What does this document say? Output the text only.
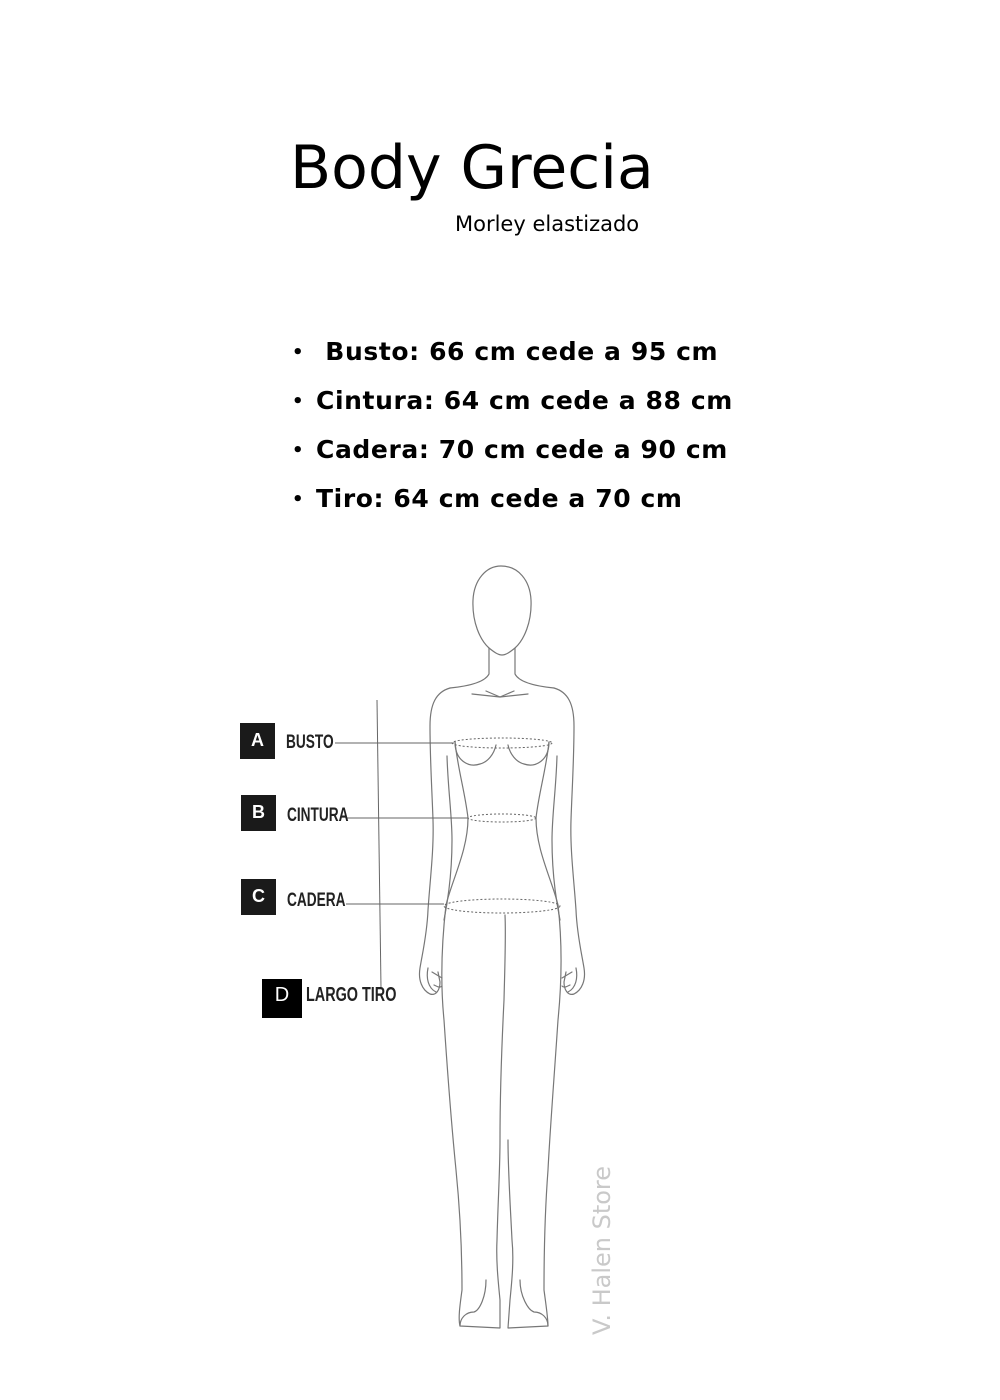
Body Grecia
Morley elastizado
• Busto: 66 cm cede a 95 cm
• Cintura: 64 cm cede a 88 cm
• Cadera: 70 cm cede a 90 cm
• Tiro: 64 cm cede a 70 cm
A	BUSTO
B	CINTURA
C	CADERA
D LARGO TIRO
V. Halen Store
